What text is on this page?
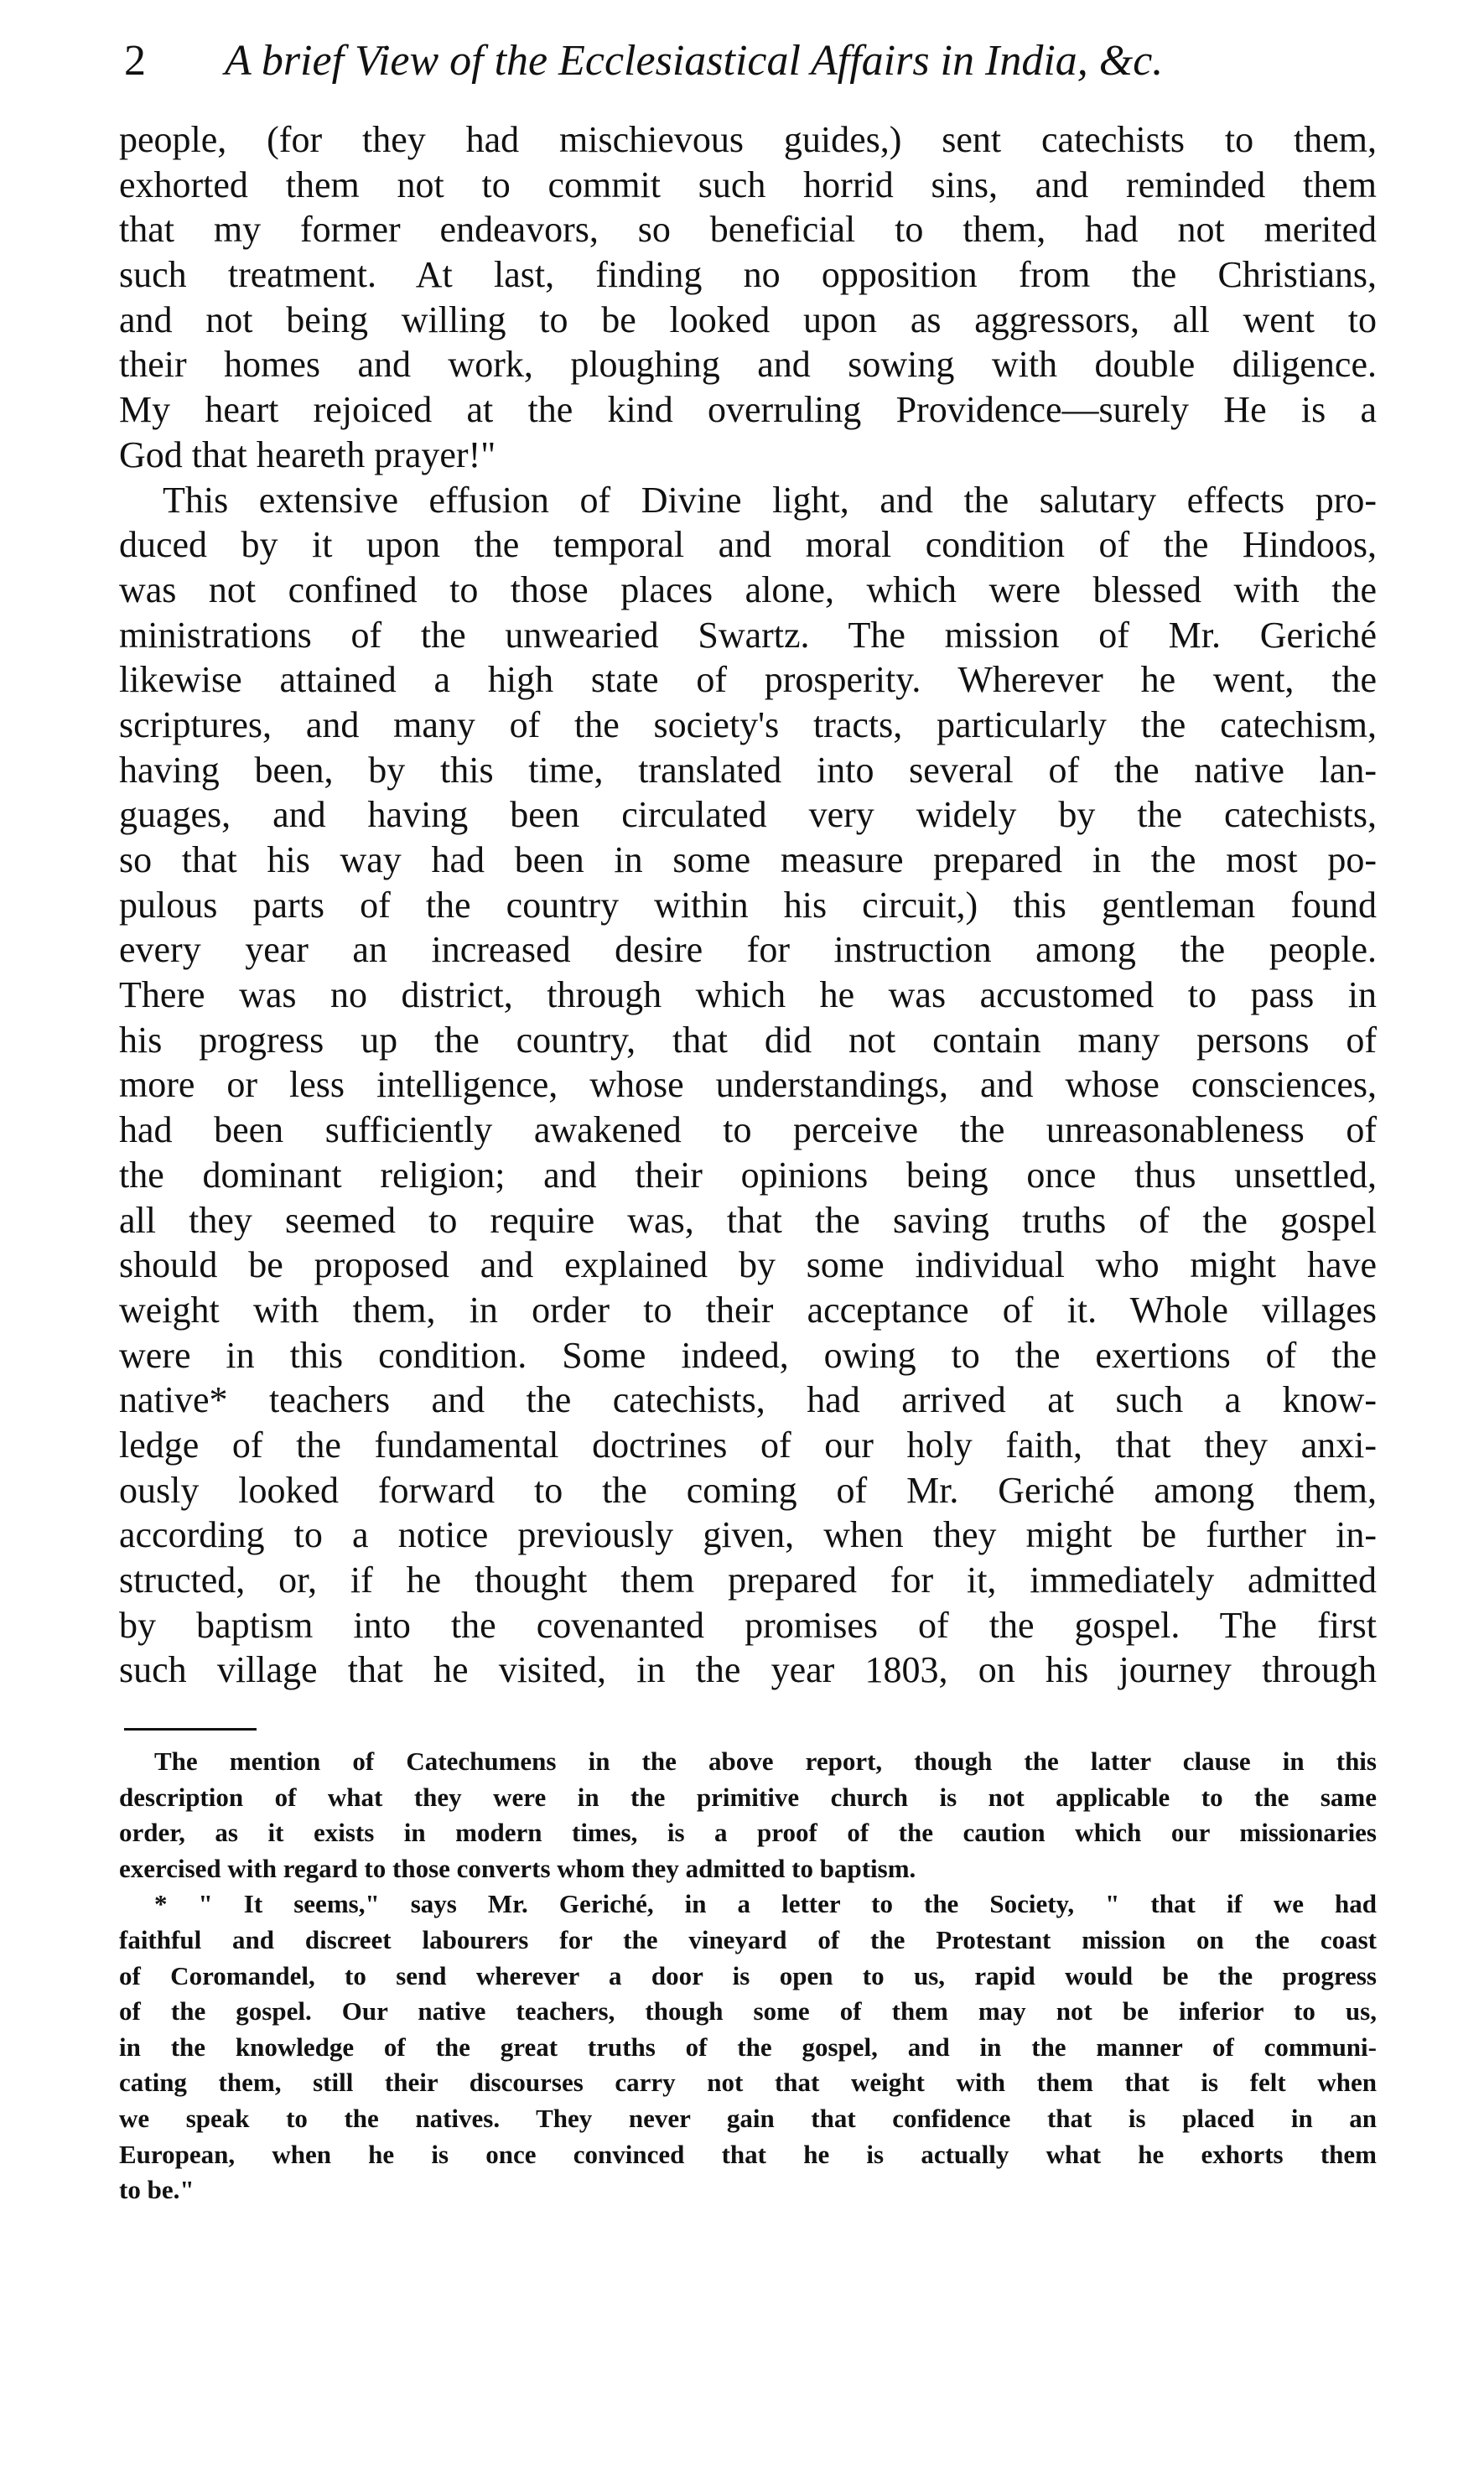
2 A brief View of the Ecclesiastical Affairs in India, &c.
people, (for they had mischievous guides,) sent catechists to them,
exhorted them not to commit such horrid sins, and reminded them
that my former endeavors, so beneficial to them, had not merited
such treatment. At last, finding no opposition from the Christians,
and not being willing to be looked upon as aggressors, all went to
their homes and work, ploughing and sowing with double diligence.
My heart rejoiced at the kind overruling Providence—surely He is a
God that heareth prayer!"
This extensive effusion of Divine light, and the salutary effects pro-
duced by it upon the temporal and moral condition of the Hindoos,
was not confined to those places alone, which were blessed with the
ministrations of the unwearied Swartz. The mission of Mr. Geriché
likewise attained a high state of prosperity. Wherever he went, the
scriptures, and many of the society's tracts, particularly the catechism,
having been, by this time, translated into several of the native lan-
guages, and having been circulated very widely by the catechists,
so that his way had been in some measure prepared in the most po-
pulous parts of the country within his circuit,) this gentleman found
every year an increased desire for instruction among the people.
There was no district, through which he was accustomed to pass in
his progress up the country, that did not contain many persons of
more or less intelligence, whose understandings, and whose consciences,
had been sufficiently awakened to perceive the unreasonableness of
the dominant religion; and their opinions being once thus unsettled,
all they seemed to require was, that the saving truths of the gospel
should be proposed and explained by some individual who might have
weight with them, in order to their acceptance of it. Whole villages
were in this condition. Some indeed, owing to the exertions of the
native* teachers and the catechists, had arrived at such a know-
ledge of the fundamental doctrines of our holy faith, that they anxi-
ously looked forward to the coming of Mr. Geriché among them,
according to a notice previously given, when they might be further in-
structed, or, if he thought them prepared for it, immediately admitted
by baptism into the covenanted promises of the gospel. The first
such village that he visited, in the year 1803, on his journey through
The mention of Catechumens in the above report, though the latter clause in this
description of what they were in the primitive church is not applicable to the same
order, as it exists in modern times, is a proof of the caution which our missionaries
exercised with regard to those converts whom they admitted to baptism.
* " It seems," says Mr. Geriché, in a letter to the Society, " that if we had
faithful and discreet labourers for the vineyard of the Protestant mission on the coast
of Coromandel, to send wherever a door is open to us, rapid would be the progress
of the gospel. Our native teachers, though some of them may not be inferior to us,
in the knowledge of the great truths of the gospel, and in the manner of communi-
cating them, still their discourses carry not that weight with them that is felt when
we speak to the natives. They never gain that confidence that is placed in an
European, when he is once convinced that he is actually what he exhorts them
to be."
